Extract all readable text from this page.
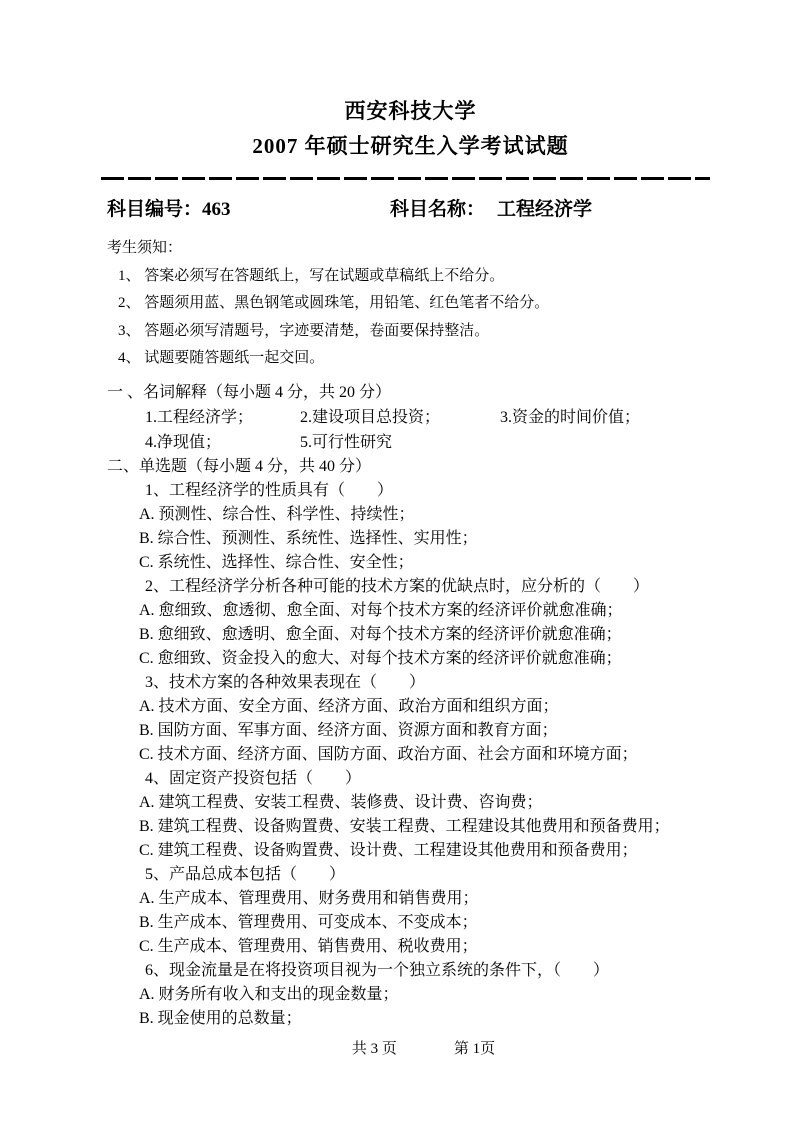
西安科技大学
2007 年硕士研究生入学考试试题
科目编号：463	科目名称： 工程经济学
考生须知：
1、 答案必须写在答题纸上，写在试题或草稿纸上不给分。
2、 答题须用蓝、黑色钢笔或圆珠笔，用铅笔、红色笔者不给分。
3、 答题必须写清题号，字迹要清楚，卷面要保持整洁。
4、 试题要随答题纸一起交回。
一 、名词解释（每小题 4 分，共 20 分）
1.工程经济学；	2.建设项目总投资；	3.资金的时间价值；
4.净现值；	5.可行性研究
二、单选题（每小题 4 分，共 40 分）
1、工程经济学的性质具有（　　）
A. 预测性、综合性、科学性、持续性；
B. 综合性、预测性、系统性、选择性、实用性；
C. 系统性、选择性、综合性、安全性；
2、工程经济学分析各种可能的技术方案的优缺点时，应分析的（　　）
A. 愈细致、愈透彻、愈全面、对每个技术方案的经济评价就愈准确；
B. 愈细致、愈透明、愈全面、对每个技术方案的经济评价就愈准确；
C. 愈细致、资金投入的愈大、对每个技术方案的经济评价就愈准确；
3、技术方案的各种效果表现在（　　）
A. 技术方面、安全方面、经济方面、政治方面和组织方面；
B. 国防方面、军事方面、经济方面、资源方面和教育方面；
C. 技术方面、经济方面、国防方面、政治方面、社会方面和环境方面；
4、固定资产投资包括（　　）
A. 建筑工程费、安装工程费、装修费、设计费、咨询费；
B. 建筑工程费、设备购置费、安装工程费、工程建设其他费用和预备费用；
C. 建筑工程费、设备购置费、设计费、工程建设其他费用和预备费用；
5、产品总成本包括（　　）
A. 生产成本、管理费用、财务费用和销售费用；
B. 生产成本、管理费用、可变成本、不变成本；
C. 生产成本、管理费用、销售费用、税收费用；
6、现金流量是在将投资项目视为一个独立系统的条件下，（　　）
A. 财务所有收入和支出的现金数量；
B. 现金使用的总数量；
共 3 页	第 1页
